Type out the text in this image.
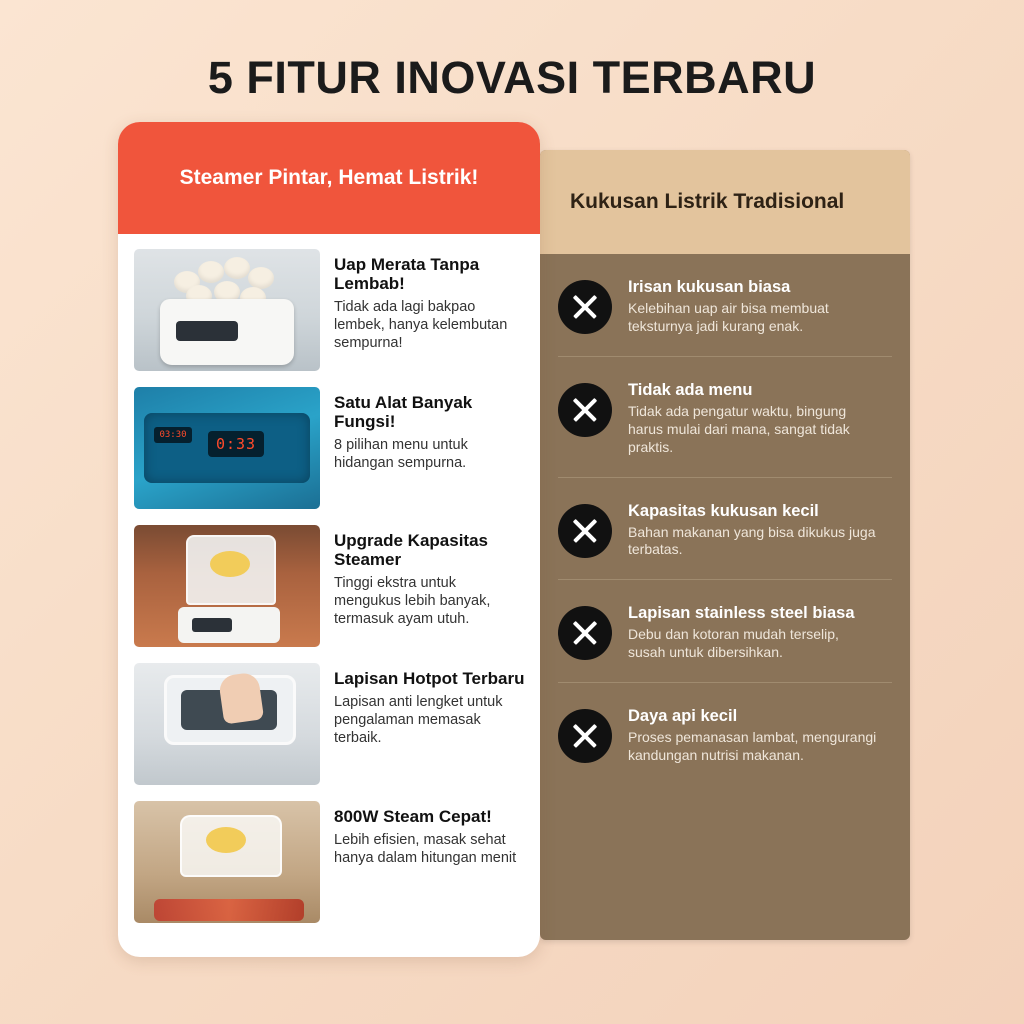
5 FITUR INOVASI TERBARU
Kukusan Listrik Tradisional
Irisan kukusan biasa
Kelebihan uap air bisa membuat teksturnya jadi kurang enak.
Tidak ada menu
Tidak ada pengatur waktu, bingung harus mulai dari mana, sangat tidak praktis.
Kapasitas kukusan kecil
Bahan makanan yang bisa dikukus juga terbatas.
Lapisan stainless steel biasa
Debu dan kotoran mudah terselip, susah untuk dibersihkan.
Daya api kecil
Proses pemanasan lambat, mengurangi kandungan nutrisi makanan.
Steamer Pintar, Hemat Listrik!
Uap Merata Tanpa Lembab!
Tidak ada lagi bakpao lembek, hanya kelembutan sempurna!
03:30	0:33
Satu Alat Banyak Fungsi!
8 pilihan menu untuk hidangan sempurna.
Upgrade Kapasitas Steamer
Tinggi ekstra untuk mengukus lebih banyak, termasuk ayam utuh.
Lapisan Hotpot Terbaru
Lapisan anti lengket untuk pengalaman memasak terbaik.
800W Steam Cepat!
Lebih efisien, masak sehat hanya dalam hitungan menit
